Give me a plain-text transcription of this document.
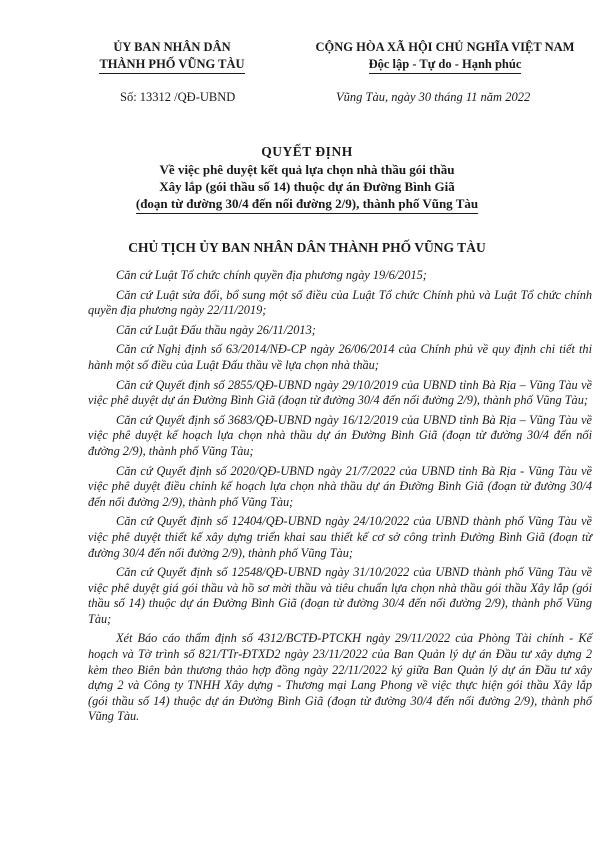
ỦY BAN NHÂN DÂN
THÀNH PHỐ VŨNG TÀU
CỘNG HÒA XÃ HỘI CHỦ NGHĨA VIỆT NAM
Độc lập - Tự do - Hạnh phúc
Số: 13312 /QĐ-UBND	Vũng Tàu, ngày 30 tháng 11 năm 2022
QUYẾT ĐỊNH
Về việc phê duyệt kết quả lựa chọn nhà thầu gói thầu
Xây lắp (gói thầu số 14) thuộc dự án Đường Bình Giã
(đoạn từ đường 30/4 đến nối đường 2/9), thành phố Vũng Tàu
CHỦ TỊCH ỦY BAN NHÂN DÂN THÀNH PHỐ VŨNG TÀU

Căn cứ Luật Tổ chức chính quyền địa phương ngày 19/6/2015;

Căn cứ Luật sửa đổi, bổ sung một số điều của Luật Tổ chức Chính phủ và Luật Tổ chức chính quyền địa phương ngày 22/11/2019;

Căn cứ Luật Đấu thầu ngày 26/11/2013;

Căn cứ Nghị định số 63/2014/NĐ-CP ngày 26/06/2014 của Chính phủ về quy định chi tiết thi hành một số điều của Luật Đấu thầu về lựa chọn nhà thầu;

Căn cứ Quyết định số 2855/QĐ-UBND ngày 29/10/2019 của UBND tỉnh Bà Rịa – Vũng Tàu về việc phê duyệt dự án Đường Bình Giã (đoạn từ đường 30/4 đến nối đường 2/9), thành phố Vũng Tàu;

Căn cứ Quyết định số 3683/QĐ-UBND ngày 16/12/2019 của UBND tỉnh Bà Rịa – Vũng Tàu về việc phê duyệt kế hoạch lựa chọn nhà thầu dự án Đường Bình Giã (đoạn từ đường 30/4 đến nối đường 2/9), thành phố Vũng Tàu;

Căn cứ Quyết định số 2020/QĐ-UBND ngày 21/7/2022 của UBND tỉnh Bà Rịa - Vũng Tàu về việc phê duyệt điều chỉnh kế hoạch lựa chọn nhà thầu dự án Đường Bình Giã (đoạn từ đường 30/4 đến nối đường 2/9), thành phố Vũng Tàu;

Căn cứ Quyết định số 12404/QĐ-UBND ngày 24/10/2022 của UBND thành phố Vũng Tàu về việc phê duyệt thiết kế xây dựng triển khai sau thiết kế cơ sở công trình Đường Bình Giã (đoạn từ đường 30/4 đến nối đường 2/9), thành phố Vũng Tàu;

Căn cứ Quyết định số 12548/QĐ-UBND ngày 31/10/2022 của UBND thành phố Vũng Tàu về việc phê duyệt giá gói thầu và hồ sơ mời thầu và tiêu chuẩn lựa chọn nhà thầu gói thầu Xây lắp (gói thầu số 14) thuộc dự án Đường Bình Giã (đoạn từ đường 30/4 đến nối đường 2/9), thành phố Vũng Tàu;

Xét Báo cáo thẩm định số 4312/BCTĐ-PTCKH ngày 29/11/2022 của Phòng Tài chính - Kế hoạch và Tờ trình số 821/TTr-ĐTXD2 ngày 23/11/2022 của Ban Quản lý dự án Đầu tư xây dựng 2 kèm theo Biên bản thương thảo hợp đồng ngày 22/11/2022 ký giữa Ban Quản lý dự án Đầu tư xây dựng 2 và Công ty TNHH Xây dựng - Thương mại Lang Phong về việc thực hiện gói thầu Xây lắp (gói thầu số 14) thuộc dự án Đường Bình Giã (đoạn từ đường 30/4 đến nối đường 2/9), thành phố Vũng Tàu.
